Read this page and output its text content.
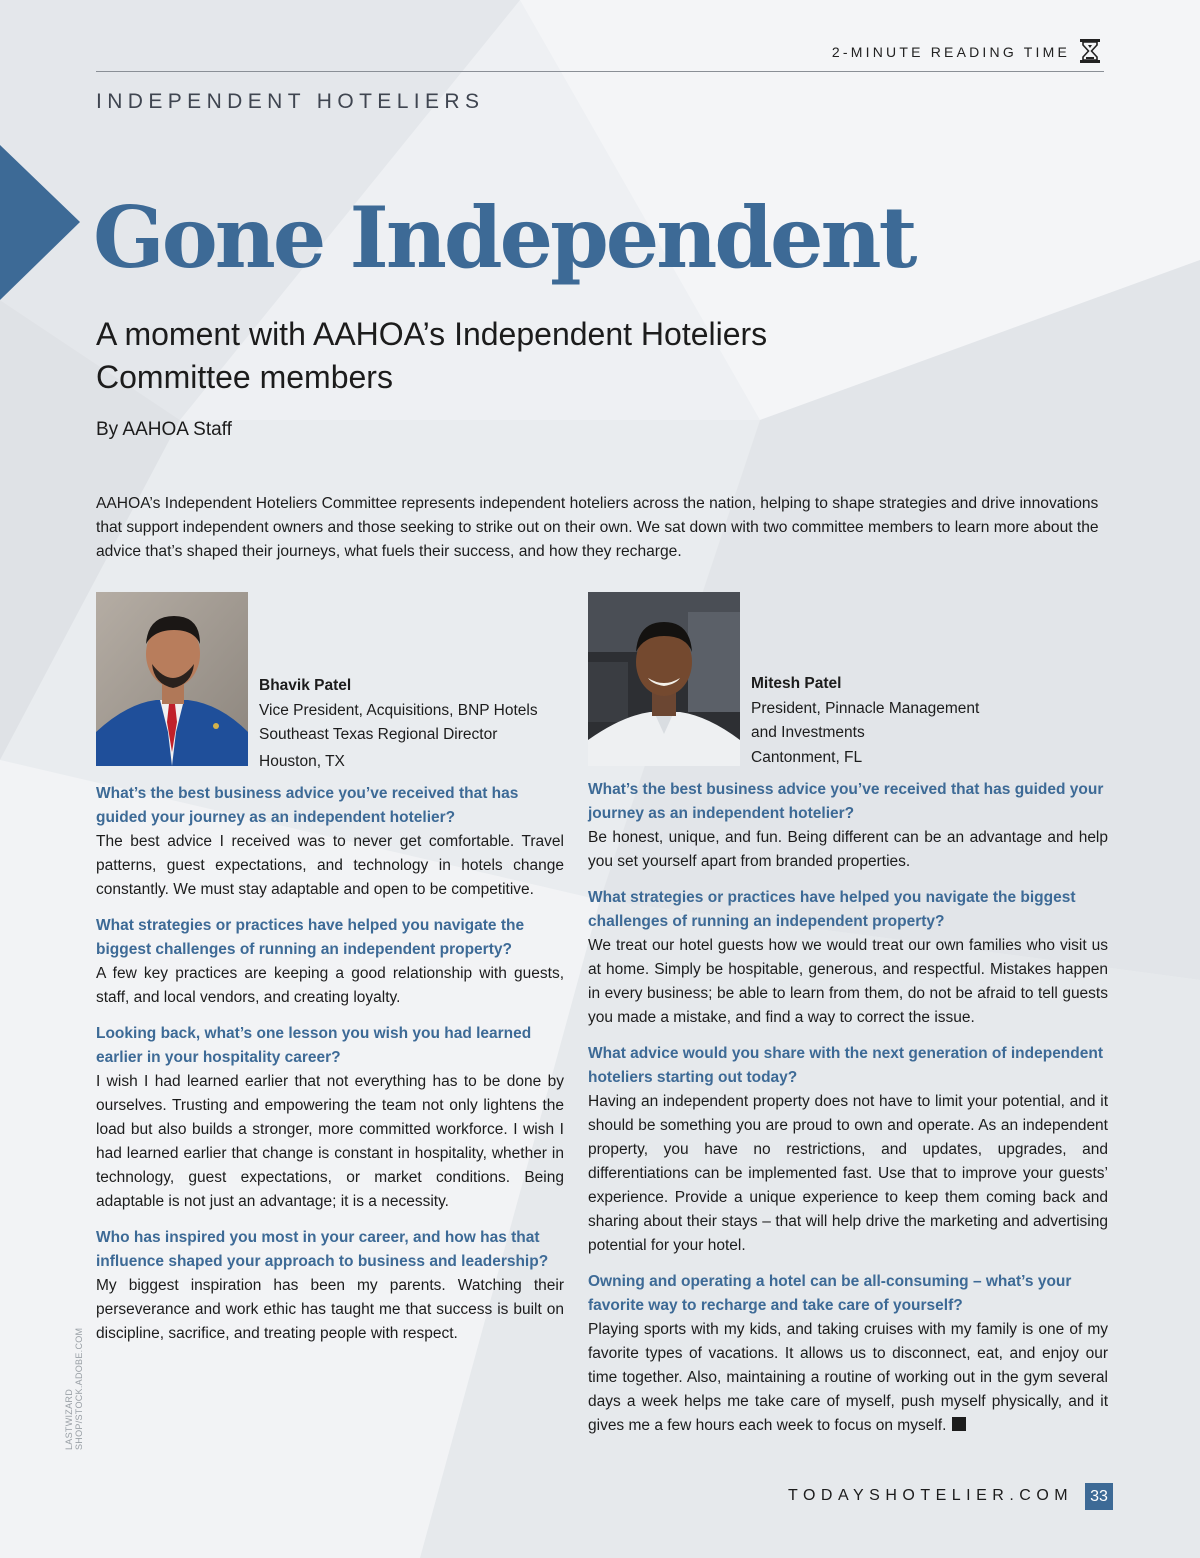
2-MINUTE READING TIME
INDEPENDENT HOTELIERS
Gone Independent
A moment with AAHOA’s Independent Hoteliers Committee members
By AAHOA Staff

AAHOA’s Independent Hoteliers Committee represents independent hoteliers across the nation, helping to shape strategies and drive innovations that support independent owners and those seeking to strike out on their own. We sat down with two committee members to learn more about the advice that’s shaped their journeys, what fuels their success, and how they recharge.

Bhavik Patel
Vice President, Acquisitions, BNP Hotels
Southeast Texas Regional Director
Houston, TX

What’s the best business advice you’ve received that has guided your journey as an independent hotelier?

The best advice I received was to never get comfortable. Travel patterns, guest expectations, and technology in hotels change constantly. We must stay adaptable and open to be competitive.

What strategies or practices have helped you navigate the biggest challenges of running an independent property?

A few key practices are keeping a good relationship with guests, staff, and local vendors, and creating loyalty.

Looking back, what’s one lesson you wish you had learned earlier in your hospitality career?

I wish I had learned earlier that not everything has to be done by ourselves. Trusting and empowering the team not only lightens the load but also builds a stronger, more committed workforce. I wish I had learned earlier that change is constant in hospitality, whether in technology, guest expectations, or market conditions. Being adaptable is not just an advantage; it is a necessity.

Who has inspired you most in your career, and how has that influence shaped your approach to business and leadership?

My biggest inspiration has been my parents. Watching their perseverance and work ethic has taught me that success is built on discipline, sacrifice, and treating people with respect.

Mitesh Patel
President, Pinnacle Management
and Investments
Cantonment, FL

What’s the best business advice you’ve received that has guided your journey as an independent hotelier?

Be honest, unique, and fun. Being different can be an advantage and help you set yourself apart from branded properties.

What strategies or practices have helped you navigate the biggest challenges of running an independent property?

We treat our hotel guests how we would treat our own families who visit us at home. Simply be hospitable, generous, and respectful. Mistakes happen in every business; be able to learn from them, do not be afraid to tell guests you made a mistake, and find a way to correct the issue.

What advice would you share with the next generation of independent hoteliers starting out today?

Having an independent property does not have to limit your potential, and it should be something you are proud to own and operate. As an independent property, you have no restrictions, and updates, upgrades, and differentiations can be implemented fast. Use that to improve your guests’ experience. Provide a unique experience to keep them coming back and sharing about their stays – that will help drive the marketing and advertising potential for your hotel.

Owning and operating a hotel can be all-consuming – what’s your favorite way to recharge and take care of yourself?

Playing sports with my kids, and taking cruises with my family is one of my favorite types of vacations. It allows us to disconnect, eat, and enjoy our time together. Also, maintaining a routine of working out in the gym several days a week helps me take care of myself, push myself physically, and it gives me a few hours each week to focus on myself.

LASTWIZARD SHOP/STOCK.ADOBE.COM
TODAYSHOTELIER.COM	33
